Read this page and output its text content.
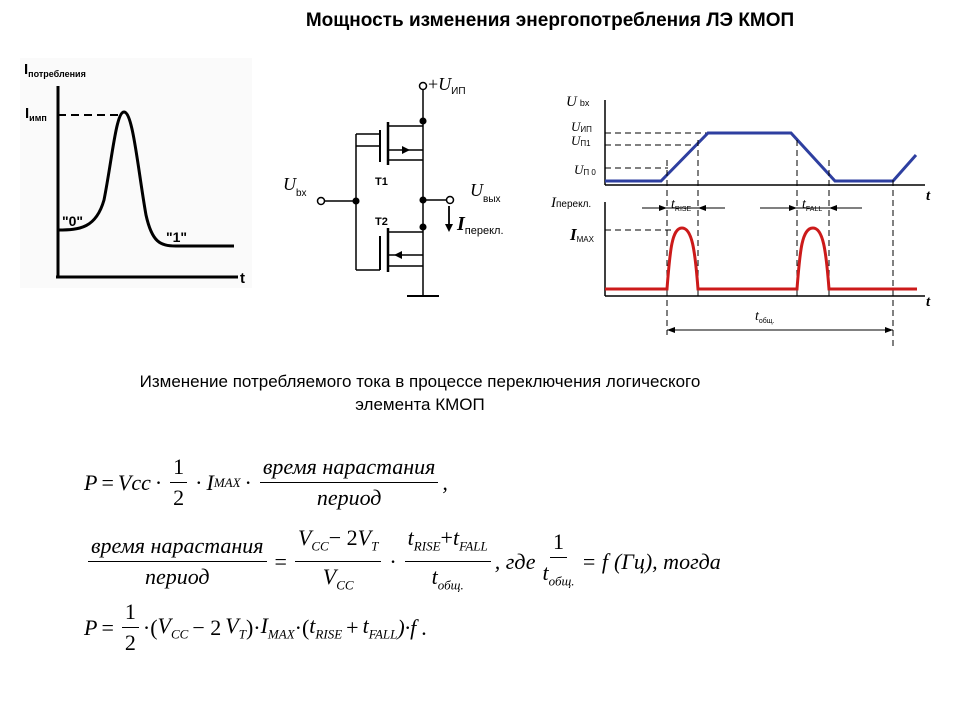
Мощность изменения энергопотребления ЛЭ КМОП
$I_{потребления}$
$I_{имп}$
"0"
"1"
t
$+U_{ИП}$
$U_{bx}$	$U_{вых}$
$I_{перекл.}$
T1
T2
Ubx
UИП
UП1
UП 0
Iперекл.
IMAX
$t_{RISE}$	$t_{FALL}$
$t_{общ.}$
t
t
Изменение потребляемого тока в процессе переключения логического
элемента КМОП
P = Vcc · $\frac{1}{2} \cdot I$ MAX · $\frac{\text{время нарастания}}{\text{период}}$ ,
$\frac{\text{время нарастания}}{\text{период}} = \frac{V_{CC}- 2V_T}{V_{CC}} \cdot \frac{t_{RISE}+t_{FALL}}{t_{общ.}}$ , где $\frac{1}{t_{общ.}} = f$ (Гц), тогда
$P = \frac{1}{2}$ ·( $V_{CC} - 2$ $V_T$ )· $I_{MAX}$ ·( $t_{RISE} + t_{FALL}$ )·f .
